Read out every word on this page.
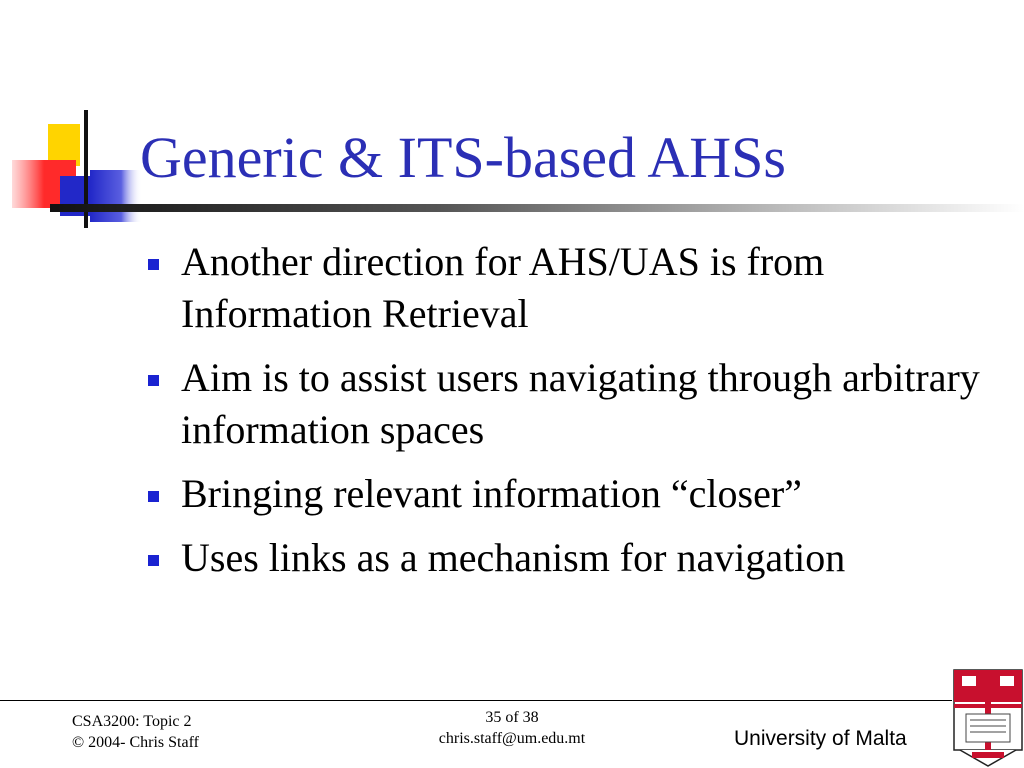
Generic & ITS-based AHSs
Another direction for AHS/UAS is from Information Retrieval
Aim is to assist users navigating through arbitrary information spaces
Bringing relevant information “closer”
Uses links as a mechanism for navigation
CSA3200: Topic 2
© 2004- Chris Staff
35 of 38
chris.staff@um.edu.mt	University of Malta
